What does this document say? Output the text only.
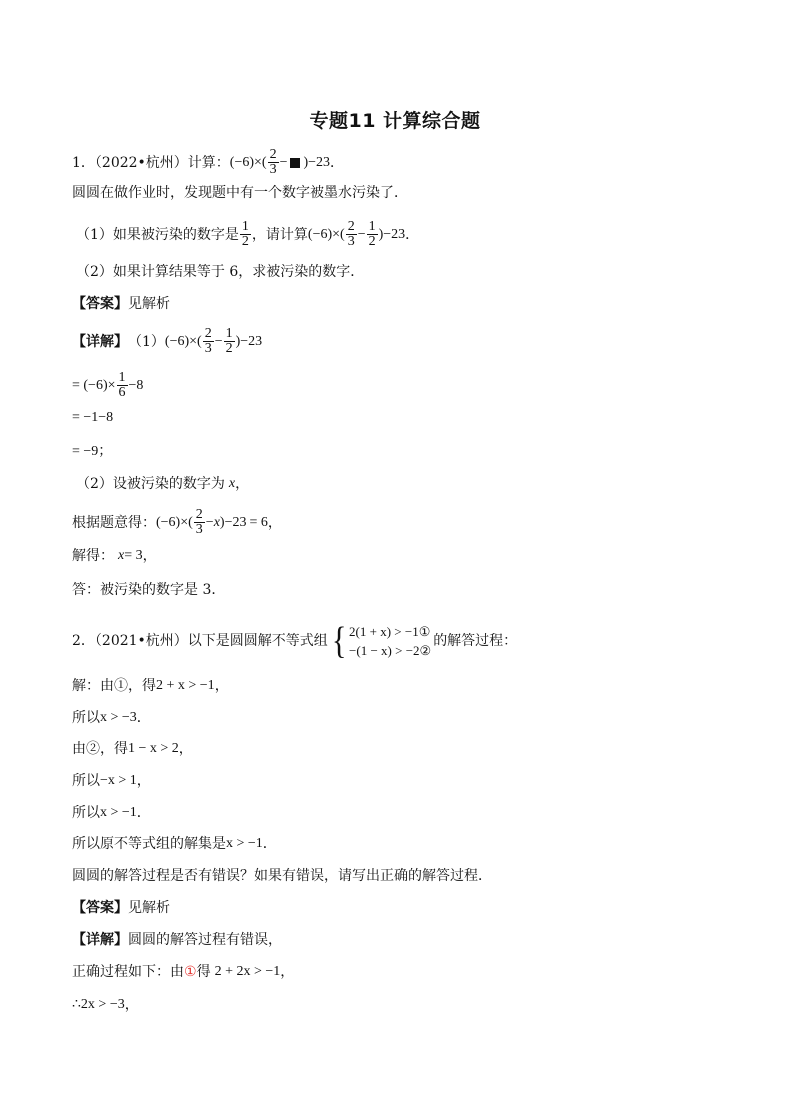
专题11 计算综合题
1．（2022•杭州）计算： $(-6)\times( \frac{2}{3} - )-2$ 3 ．
圆圆在做作业时，发现题中有一个数字被墨水污染了．
（1）如果被污染的数字是 $\frac{1}{2}$ ，请计算 $(-6)\times( \frac{2}{3} - \frac{1}{2} )-2$ 3 ．
（2）如果计算结果等于 6，求被污染的数字．
【答案】 见解析
【详解】 （1） $(-6)\times( \frac{2}{3} - \frac{1}{2} )-2$ 3
= $(-6)\times \frac{1}{6} -8$
= −1−8
= −9；
（2）设被污染的数字为 x ，
根据题意得： $(-6)\times( \frac{2}{3} - x$ )−2 3 = 6 ，
解得： x = 3 ，
答：被污染的数字是 3．
2．（2021•杭州）以下是圆圆解不等式组 { 2(1 + x) > −1①
−(1 − x) > −2②
的解答过程：
解：由①，得 2 + x > −1 ，
所以 x > −3 ．
由②，得 1 − x > 2 ，
所以 −x > 1 ，
所以 x > −1 ．
所以原不等式组的解集是 x > −1 ．
圆圆的解答过程是否有错误？如果有错误，请写出正确的解答过程．
【答案】 见解析
【详解】 圆圆的解答过程有错误，
正确过程如下：由 ① 得 2 + 2x > −1 ，
∴ 2x > −3 ，
